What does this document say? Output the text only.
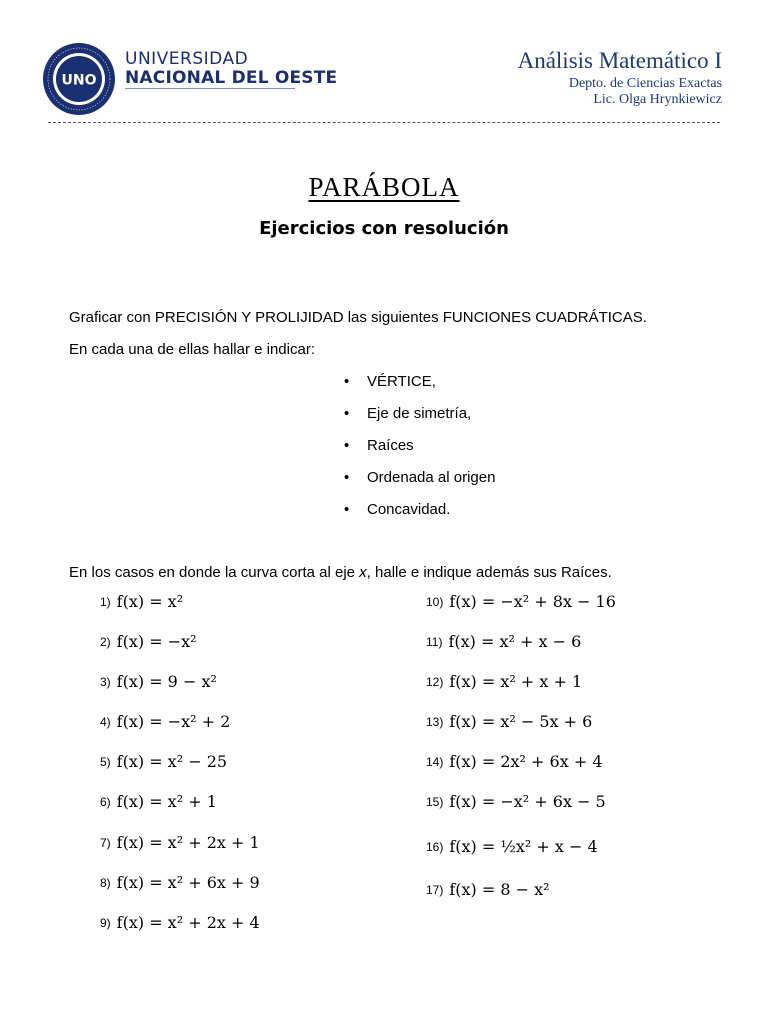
UNO
UNIVERSIDAD
NACIONAL DEL OESTE
Análisis Matemático I
Depto. de Ciencias Exactas
Lic. Olga Hrynkiewicz
PARÁBOLA
Ejercicios con resolución
Graficar con PRECISIÓN Y PROLIJIDAD las siguientes FUNCIONES CUADRÁTICAS.
En cada una de ellas hallar e indicar:
• VÉRTICE,
• Eje de simetría,
• Raíces
• Ordenada al origen
• Concavidad.
En los casos en donde la curva corta al eje x, halle e indique además sus Raíces.
1) f(x) = x²
2) f(x) = −x²
3) f(x) = 9 − x²
4) f(x) = −x² + 2
5) f(x) = x² − 25
6) f(x) = x² + 1
7) f(x) = x² + 2x + 1
8) f(x) = x² + 6x + 9
9) f(x) = x² + 2x + 4
10) f(x) = −x² + 8x − 16
11) f(x) = x² + x − 6
12) f(x) = x² + x + 1
13) f(x) = x² − 5x + 6
14) f(x) = 2x² + 6x + 4
15) f(x) = −x² + 6x − 5
16) f(x) = ½x² + x − 4
17) f(x) = 8 − x²
